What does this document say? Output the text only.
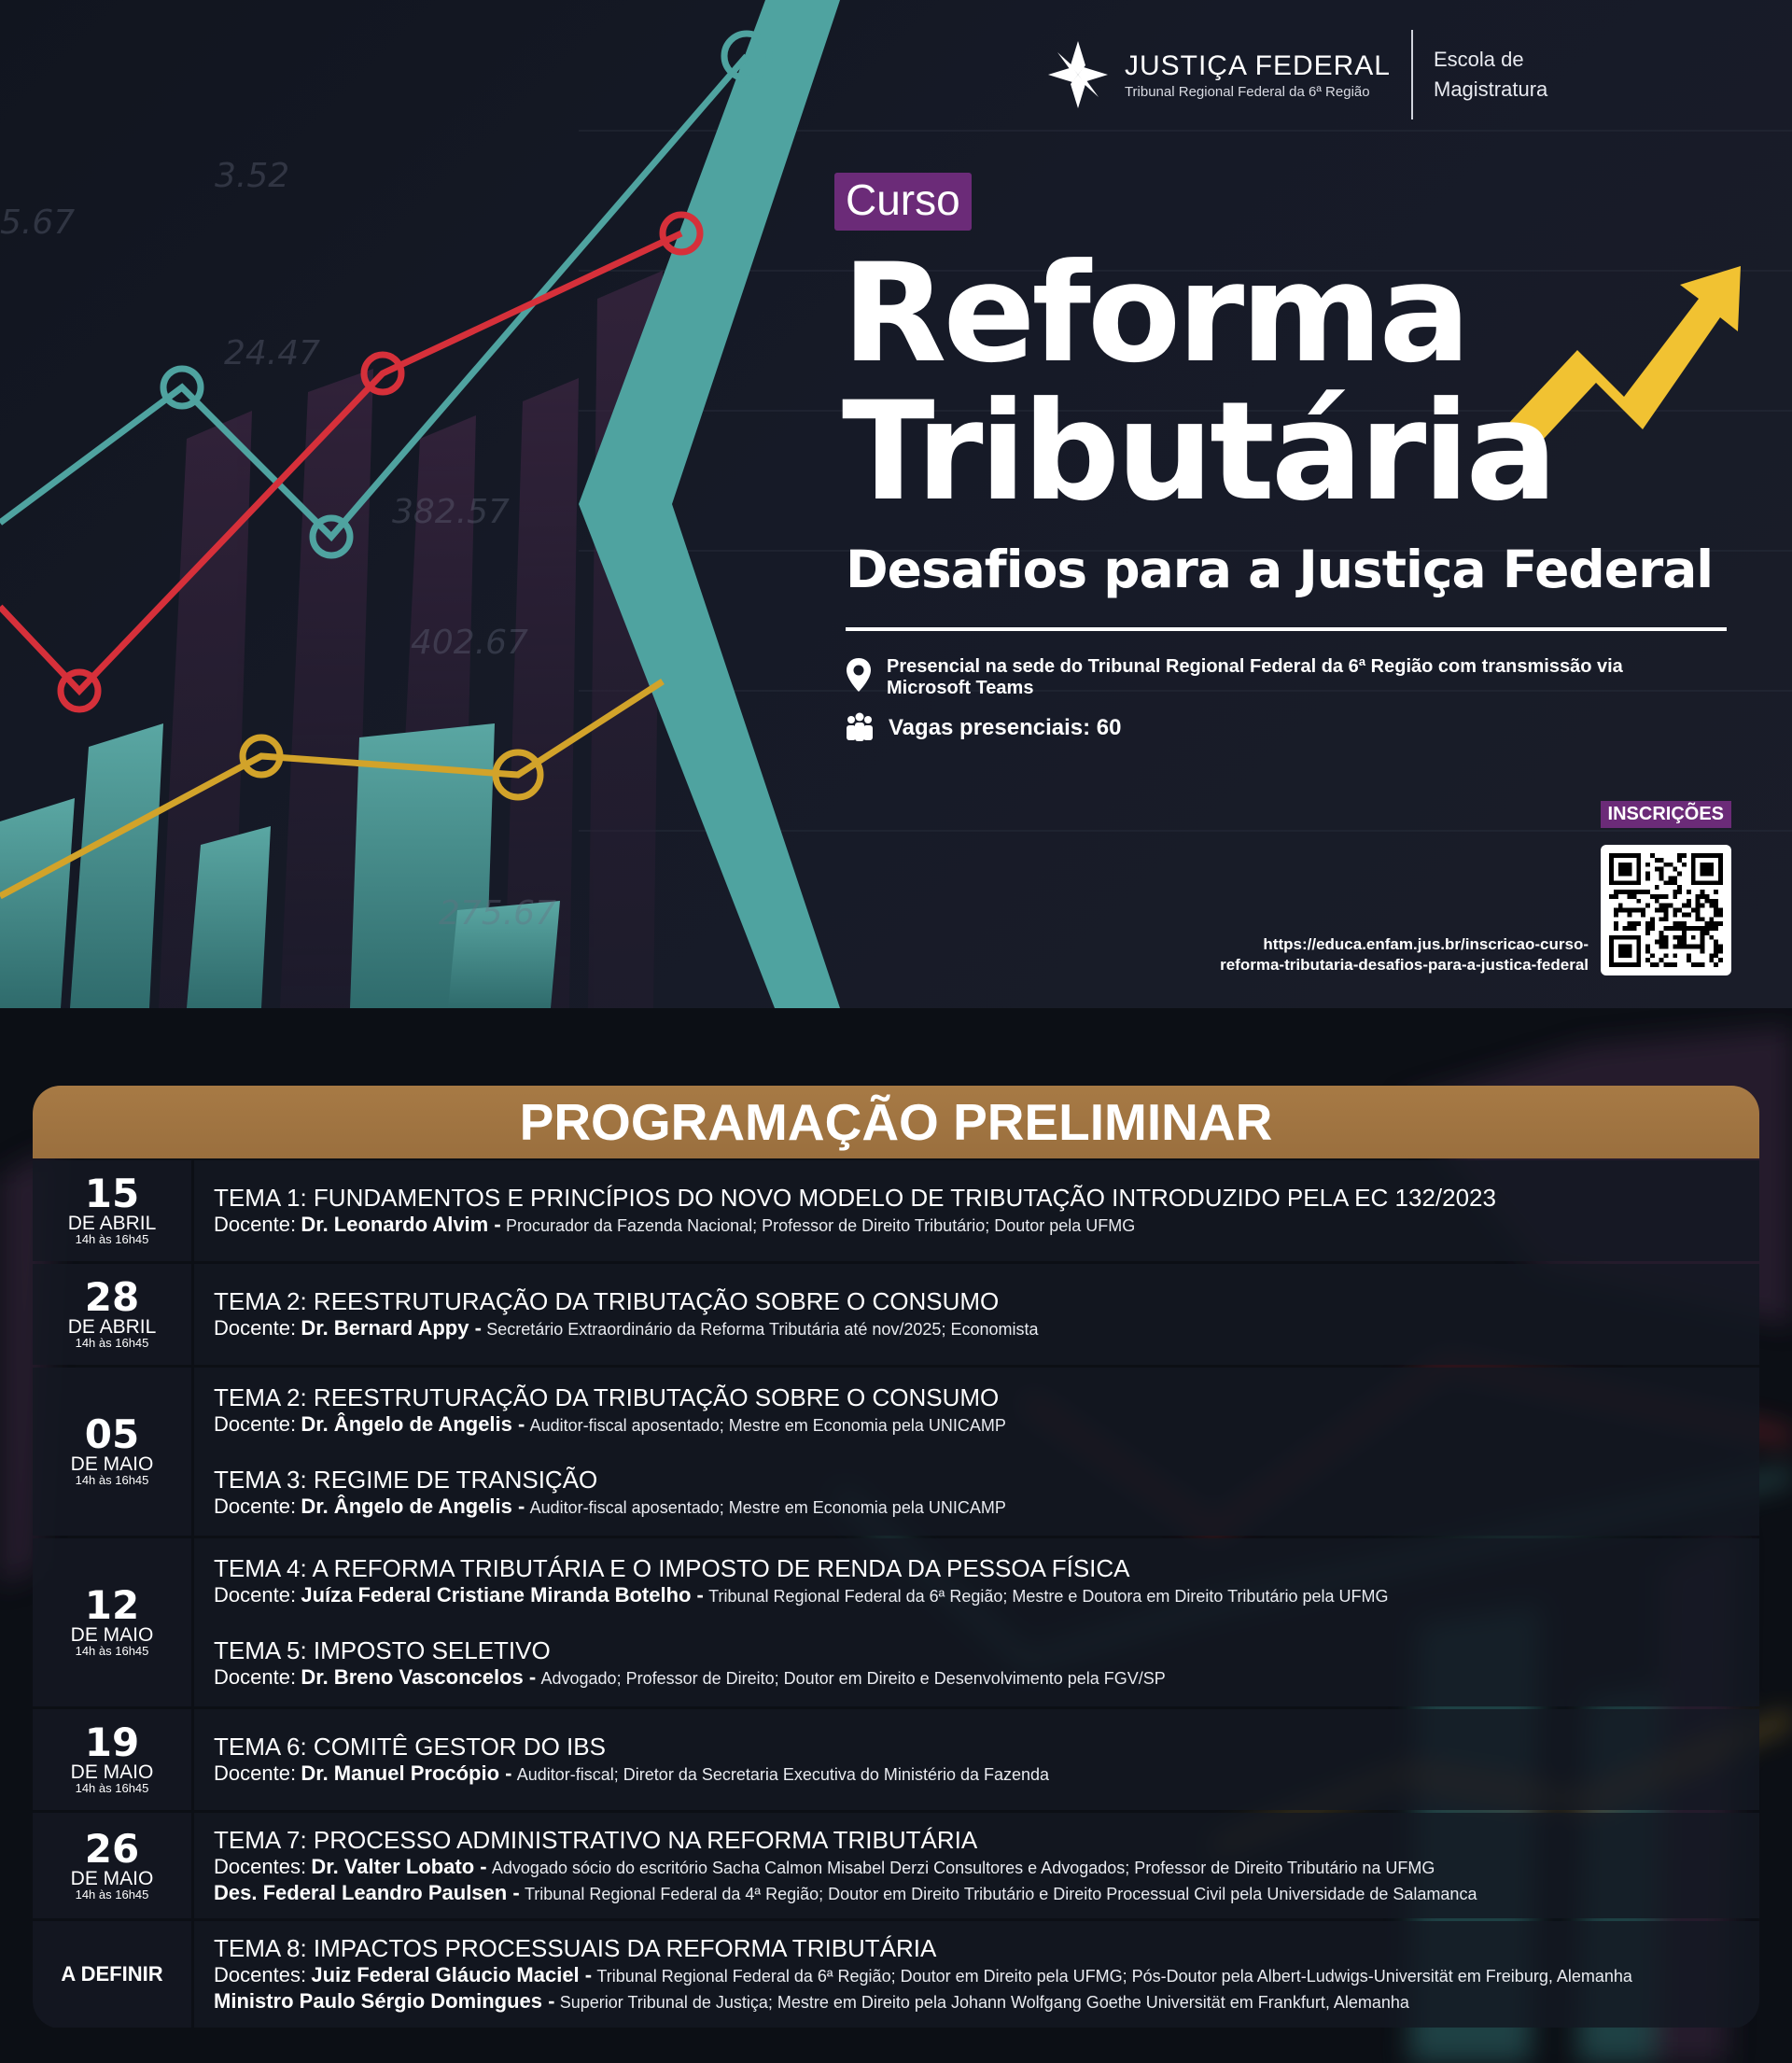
5.67
3.52
24.47
382.57
402.67
275.67
JUSTIÇA FEDERAL
Tribunal Regional Federal da 6ª Região
Escola de Magistratura
Curso
Reforma
Tributária
Desafios para a Justiça Federal
Presencial na sede do Tribunal Regional Federal da 6ª Região com transmissão via Microsoft Teams
Vagas presenciais: 60
INSCRIÇÕES
https://educa.enfam.jus.br/inscricao-curso-
reforma-tributaria-desafios-para-a-justica-federal
PROGRAMAÇÃO PRELIMINAR
15
DE ABRIL
14h às 16h45
TEMA 1: FUNDAMENTOS E PRINCÍPIOS DO NOVO MODELO DE TRIBUTAÇÃO INTRODUZIDO PELA EC 132/2023
Docente: Dr. Leonardo Alvim - Procurador da Fazenda Nacional; Professor de Direito Tributário; Doutor pela UFMG
28
DE ABRIL
14h às 16h45
TEMA 2: REESTRUTURAÇÃO DA TRIBUTAÇÃO SOBRE O CONSUMO
Docente: Dr. Bernard Appy - Secretário Extraordinário da Reforma Tributária até nov/2025; Economista
05
DE MAIO
14h às 16h45
TEMA 2: REESTRUTURAÇÃO DA TRIBUTAÇÃO SOBRE O CONSUMO
Docente: Dr. Ângelo de Angelis - Auditor-fiscal aposentado; Mestre em Economia pela UNICAMP
TEMA 3: REGIME DE TRANSIÇÃO
Docente: Dr. Ângelo de Angelis - Auditor-fiscal aposentado; Mestre em Economia pela UNICAMP
12
DE MAIO
14h às 16h45
TEMA 4: A REFORMA TRIBUTÁRIA E O IMPOSTO DE RENDA DA PESSOA FÍSICA
Docente: Juíza Federal Cristiane Miranda Botelho - Tribunal Regional Federal da 6ª Região; Mestre e Doutora em Direito Tributário pela UFMG
TEMA 5: IMPOSTO SELETIVO
Docente: Dr. Breno Vasconcelos - Advogado; Professor de Direito; Doutor em Direito e Desenvolvimento pela FGV/SP
19
DE MAIO
14h às 16h45
TEMA 6: COMITÊ GESTOR DO IBS
Docente: Dr. Manuel Procópio - Auditor-fiscal; Diretor da Secretaria Executiva do Ministério da Fazenda
26
DE MAIO
14h às 16h45
TEMA 7: PROCESSO ADMINISTRATIVO NA REFORMA TRIBUTÁRIA
Docentes: Dr. Valter Lobato - Advogado sócio do escritório Sacha Calmon Misabel Derzi Consultores e Advogados; Professor de Direito Tributário na UFMG
Des. Federal Leandro Paulsen - Tribunal Regional Federal da 4ª Região; Doutor em Direito Tributário e Direito Processual Civil pela Universidade de Salamanca
A DEFINIR
TEMA 8: IMPACTOS PROCESSUAIS DA REFORMA TRIBUTÁRIA
Docentes: Juiz Federal Gláucio Maciel - Tribunal Regional Federal da 6ª Região; Doutor em Direito pela UFMG; Pós-Doutor pela Albert-Ludwigs-Universität em Freiburg, Alemanha
Ministro Paulo Sérgio Domingues - Superior Tribunal de Justiça; Mestre em Direito pela Johann Wolfgang Goethe Universität em Frankfurt, Alemanha
